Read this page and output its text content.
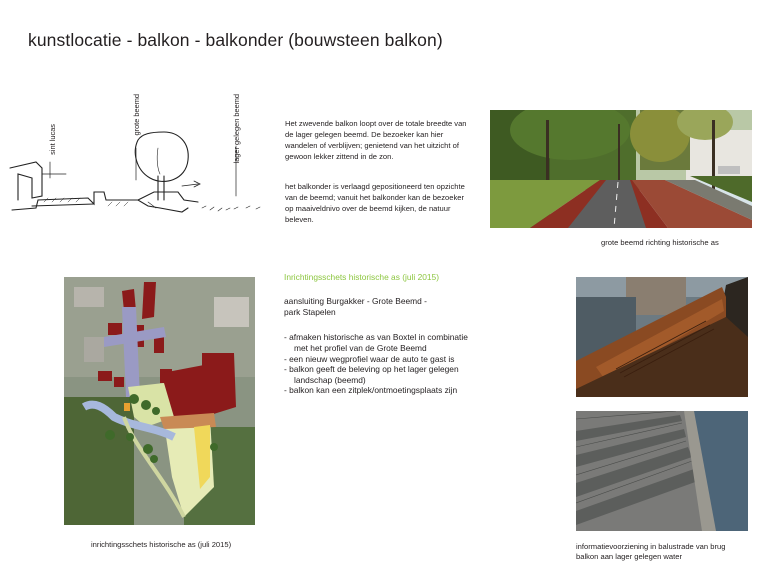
kunstlocatie - balkon - balkonder (bouwsteen balkon)
sint lucas
grote beemd	lager gelegen beemd	Het zwevende balkon loopt over de totale breedte van de lager gelegen beemd. De bezoeker kan hier wandelen of verblijven; genietend van het uitzicht of gewoon lekker zittend in de zon.
het balkonder is verlaagd gepositioneerd ten opzichte van de beemd; vanuit het balkonder kan de bezoeker op maaiveldnivo over de beemd kijken, de natuur beleven.
grote beemd richting historische as
inrichtingsschets historische as (juli 2015)
Inrichtingsschets historische as (juli 2015)
aansluiting Burgakker - Grote Beemd -
park Stapelen
- afmaken historische as van Boxtel in combinatie met het profiel van de Grote Beemd
- een nieuw wegprofiel waar de auto te gast is
- balkon geeft de beleving op het lager gelegen landschap (beemd)
- balkon kan een zitplek/ontmoetingsplaats zijn
informatievoorziening in balustrade van brug
balkon aan lager gelegen water
